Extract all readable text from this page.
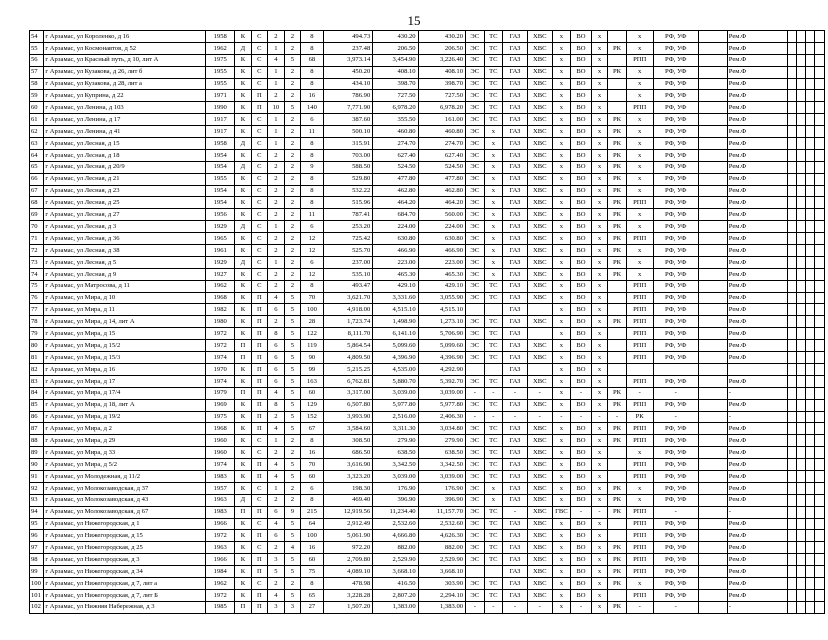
15
54	г Арзамас, ул Короленко, д 16	1958	К	С	2	2	8	494.73	430.20	430.20	ЭС	ТС	ГАЗ	ХВС	х	ВО	х		х	РФ, УФ		Рем.Ф				
55	г Арзамас, ул Космонавтов, д 52	1962	Д	С	1	2	8	237.48	206.50	206.50	ЭС	ТС	ГАЗ	ХВС	х	ВО	х	РК	х	РФ, УФ		Рем.Ф				
56	г Арзамас, ул Красный путь, д 10, лит А	1975	К	С	4	5	68	3,973.14	3,454.90	3,226.40	ЭС	ТС	ГАЗ	ХВС	х	ВО	х		РПП	РФ, УФ		Рем.Ф				
57	г Арзамас, ул Кузакова, д 26, лит б	1955	К	С	1	2	8	450.20	408.10	408.10	ЭС	ТС	ГАЗ	ХВС	х	ВО	х	РК	х	РФ, УФ		Рем.Ф				
58	г Арзамас, ул Кузакова, д 28, лит а	1955	К	С	1	2	8	434.10	398.70	398.70	ЭС	ТС	ГАЗ	ХВС	х	ВО	х		х	РФ, УФ		Рем.Ф				
59	г Арзамас, ул Куприна, д 22	1971	К	П	2	2	16	786.90	727.50	727.50	ЭС	ТС	ГАЗ	ХВС	х	ВО	х		х	РФ, УФ		Рем.Ф				
60	г Арзамас, ул Ленина, д 103	1990	К	П	10	5	140	7,771.90	6,978.20	6,978.20	ЭС	ТС	ГАЗ	ХВС	х	ВО	х		РПП	РФ, УФ		Рем.Ф				
61	г Арзамас, ул Ленина, д 17	1917	К	С	1	2	6	387.60	355.50	161.00	ЭС	ТС	ГАЗ	ХВС	х	ВО	х	РК	х	РФ, УФ		Рем.Ф				
62	г Арзамас, ул Ленина, д 41	1917	К	С	1	2	11	500.10	460.80	460.80	ЭС	х	ГАЗ	ХВС	х	ВО	х	РК	х	РФ, УФ		Рем.Ф				
63	г Арзамас, ул Лесная, д 15	1958	Д	С	1	2	8	315.91	274.70	274.70	ЭС	х	ГАЗ	ХВС	х	ВО	х	РК	х	РФ, УФ		Рем.Ф				
64	г Арзамас, ул Лесная, д 18	1954	К	С	2	2	8	703.00	627.40	627.40	ЭС	х	ГАЗ	ХВС	х	ВО	х	РК	х	РФ, УФ		Рем.Ф				
65	г Арзамас, ул Лесная, д 20/9	1954	Д	С	2	2	9	588.50	524.50	524.50	ЭС	х	ГАЗ	ХВС	х	ВО	х	РК	х	РФ, УФ		Рем.Ф				
66	г Арзамас, ул Лесная, д 21	1955	К	С	2	2	8	529.80	477.80	477.80	ЭС	х	ГАЗ	ХВС	х	ВО	х	РК	х	РФ, УФ		Рем.Ф				
67	г Арзамас, ул Лесная, д 23	1954	К	С	2	2	8	532.22	462.80	462.80	ЭС	х	ГАЗ	ХВС	х	ВО	х	РК	х	РФ, УФ		Рем.Ф				
68	г Арзамас, ул Лесная, д 25	1954	К	С	2	2	8	515.96	464.20	464.20	ЭС	х	ГАЗ	ХВС	х	ВО	х	РК	РПП	РФ, УФ		Рем.Ф				
69	г Арзамас, ул Лесная, д 27	1956	К	С	2	2	11	787.41	684.70	560.00	ЭС	х	ГАЗ	ХВС	х	ВО	х	РК	х	РФ, УФ		Рем.Ф				
70	г Арзамас, ул Лесная, д 3	1929	Д	С	1	2	6	253.20	224.00	224.00	ЭС	х	ГАЗ	ХВС	х	ВО	х	РК	х	РФ, УФ		Рем.Ф				
71	г Арзамас, ул Лесная, д 36	1965	К	С	2	2	12	725.42	630.80	630.80	ЭС	х	ГАЗ	ХВС	х	ВО	х	РК	РПП	РФ, УФ		Рем.Ф				
72	г Арзамас, ул Лесная, д 38	1961	К	С	2	2	12	525.70	466.90	466.90	ЭС	х	ГАЗ	ХВС	х	ВО	х	РК	х	РФ, УФ		Рем.Ф				
73	г Арзамас, ул Лесная, д 5	1929	Д	С	1	2	6	237.00	223.00	223.00	ЭС	х	ГАЗ	ХВС	х	ВО	х	РК	х	РФ, УФ		Рем.Ф				
74	г Арзамас, ул Лесная, д 9	1927	К	С	2	2	12	535.10	465.30	465.30	ЭС	х	ГАЗ	ХВС	х	ВО	х	РК	х	РФ, УФ		Рем.Ф				
75	г Арзамас, ул Матросова, д 11	1962	К	С	2	2	8	493.47	429.10	429.10	ЭС	ТС	ГАЗ	ХВС	х	ВО	х		РПП	РФ, УФ		Рем.Ф				
76	г Арзамас, ул Мира, д 10	1968	К	П	4	5	70	3,621.70	3,331.60	3,055.90	ЭС	ТС	ГАЗ	ХВС	х	ВО	х		РПП	РФ, УФ		Рем.Ф				
77	г Арзамас, ул Мира, д 11	1982	К	П	6	5	100	4,918.00	4,515.10	4,515.10			ГАЗ		х	ВО	х		РПП	РФ, УФ		Рем.Ф				
78	г Арзамас, ул Мира, д 14, лит А	1980	К	П	2	5	28	1,723.74	1,498.90	1,273.10	ЭС	ТС	ГАЗ	ХВС	х	ВО	х	РК	РПП	РФ, УФ		Рем.Ф				
79	г Арзамас, ул Мира, д 15	1972	К	П	8	5	122	8,111.70	6,141.10	5,706.90	ЭС	ТС	ГАЗ		х	ВО	х		РПП	РФ, УФ		Рем.Ф				
80	г Арзамас, ул Мира, д 15/2	1972	П	П	6	5	119	5,864.54	5,099.60	5,099.60	ЭС	ТС	ГАЗ	ХВС	х	ВО	х		РПП	РФ, УФ		Рем.Ф				
81	г Арзамас, ул Мира, д 15/3	1974	П	П	6	5	90	4,809.50	4,396.90	4,396.90	ЭС	ТС	ГАЗ	ХВС	х	ВО	х		РПП	РФ, УФ		Рем.Ф				
82	г Арзамас, ул Мира, д 16	1970	К	П	6	5	99	5,215.25	4,535.00	4,292.90			ГАЗ		х	ВО	х									
83	г Арзамас, ул Мира, д 17	1974	К	П	6	5	163	6,762.81	5,880.70	5,392.70	ЭС	ТС	ГАЗ	ХВС	х	ВО	х		РПП	РФ, УФ		Рем.Ф				
84	г Арзамас, ул Мира, д 17/4	1979	П	П	4	5	60	3,317.00	3,039.00	3,039.00	-	-	-	-	х	-	х	РК	-	-		-				
85	г Арзамас, ул Мира, д 18, лит А	1969	К	П	8	5	129	6,507.80	5,977.80	5,977.80	ЭС	ТС	ГАЗ	ХВС	х	ВО	х	РК	РПП	РФ, УФ		Рем.Ф				
86	г Арзамас, ул Мира, д 19/2	1975	К	П	2	5	152	3,993.90	2,516.00	2,406.30	-	-	-	-	-	-	-	-	РК	-		-				
87	г Арзамас, ул Мира, д 2	1968	К	П	4	5	67	3,584.60	3,311.30	3,034.80	ЭС	ТС	ГАЗ	ХВС	х	ВО	х	РК	РПП	РФ, УФ		Рем.Ф				
88	г Арзамас, ул Мира, д 29	1960	К	С	1	2	8	308.50	279.90	279.90	ЭС	ТС	ГАЗ	ХВС	х	ВО	х	РК	РПП	РФ, УФ		Рем.Ф				
89	г Арзамас, ул Мира, д 33	1960	К	С	2	2	16	686.50	638.50	638.50	ЭС	ТС	ГАЗ	ХВС	х	ВО	х		х	РФ, УФ		Рем.Ф				
90	г Арзамас, ул Мира, д 5/2	1974	К	П	4	5	70	3,616.90	3,342.50	3,342.50	ЭС	ТС	ГАЗ	ХВС	х	ВО	х		РПП	РФ, УФ		Рем.Ф				
91	г Арзамас, ул Молодежная, д 11/2	1983	К	П	4	5	60	3,323.20	3,039.00	3,039.00	ЭС	ТС	ГАЗ	ХВС	х	ВО	х		РПП	РФ, УФ		Рем.Ф				
92	г Арзамас, ул Молокозаводская, д 37	1957	К	С	1	2	6	198.30	176.90	176.90	ЭС	х	ГАЗ	ХВС	х	ВО	х	РК	х	РФ, УФ		Рем.Ф				
93	г Арзамас, ул Молокозаводская, д 43	1963	Д	С	2	2	8	469.40	396.90	396.90	ЭС	х	ГАЗ	ХВС	х	ВО	х	РК	х	РФ, УФ		Рем.Ф				
94	г Арзамас, ул Молокозаводская, д 67	1983	П	П	6	9	215	12,919.56	11,234.40	11,157.70	ЭС	ТС	-	ХВС	ГВС	-	-	РК	РПП	-		-				
95	г Арзамас, ул Нижегородская, д 1	1966	К	С	4	5	64	2,912.49	2,532.60	2,532.60	ЭС	ТС	ГАЗ	ХВС	х	ВО	х		РПП	РФ, УФ		Рем.Ф				
96	г Арзамас, ул Нижегородская, д 15	1972	К	П	6	5	100	5,061.90	4,666.80	4,626.30	ЭС	ТС	ГАЗ	ХВС	х	ВО	х		РПП	РФ, УФ		Рем.Ф				
97	г Арзамас, ул Нижегородская, д 25	1963	К	С	2	4	16	972.20	882.00	882.00	ЭС	ТС	ГАЗ	ХВС	х	ВО	х	РК	РПП	РФ, УФ		Рем.Ф				
98	г Арзамас, ул Нижегородская, д 3	1966	К	П	3	5	60	2,709.80	2,529.90	2,529.90	ЭС	ТС	ГАЗ	ХВС	х	ВО	х	РК	РПП	РФ, УФ		Рем.Ф				
99	г Арзамас, ул Нижегородская, д 34	1984	К	П	5	5	75	4,089.10	3,668.10	3,668.10			ГАЗ	ХВС	х	ВО	х	РК	РПП	РФ, УФ		Рем.Ф				
100	г Арзамас, ул Нижегородская, д 7, лит а	1962	К	С	2	2	8	478.98	416.50	303.90	ЭС	ТС	ГАЗ	ХВС	х	ВО	х	РК	х	РФ, УФ		Рем.Ф				
101	г Арзамас, ул Нижегородская, д 7, лит Б	1972	К	П	4	5	65	3,228.28	2,807.20	2,294.10	ЭС	ТС	ГАЗ	ХВС	х	ВО	х		РПП	РФ, УФ		Рем.Ф				
102	г Арзамас, ул Нижняя Набережная, д 3	1985	П	П	3	3	27	1,507.20	1,383.00	1,383.00	-	-	-	-	х	-	х	РК	-	-		-				
